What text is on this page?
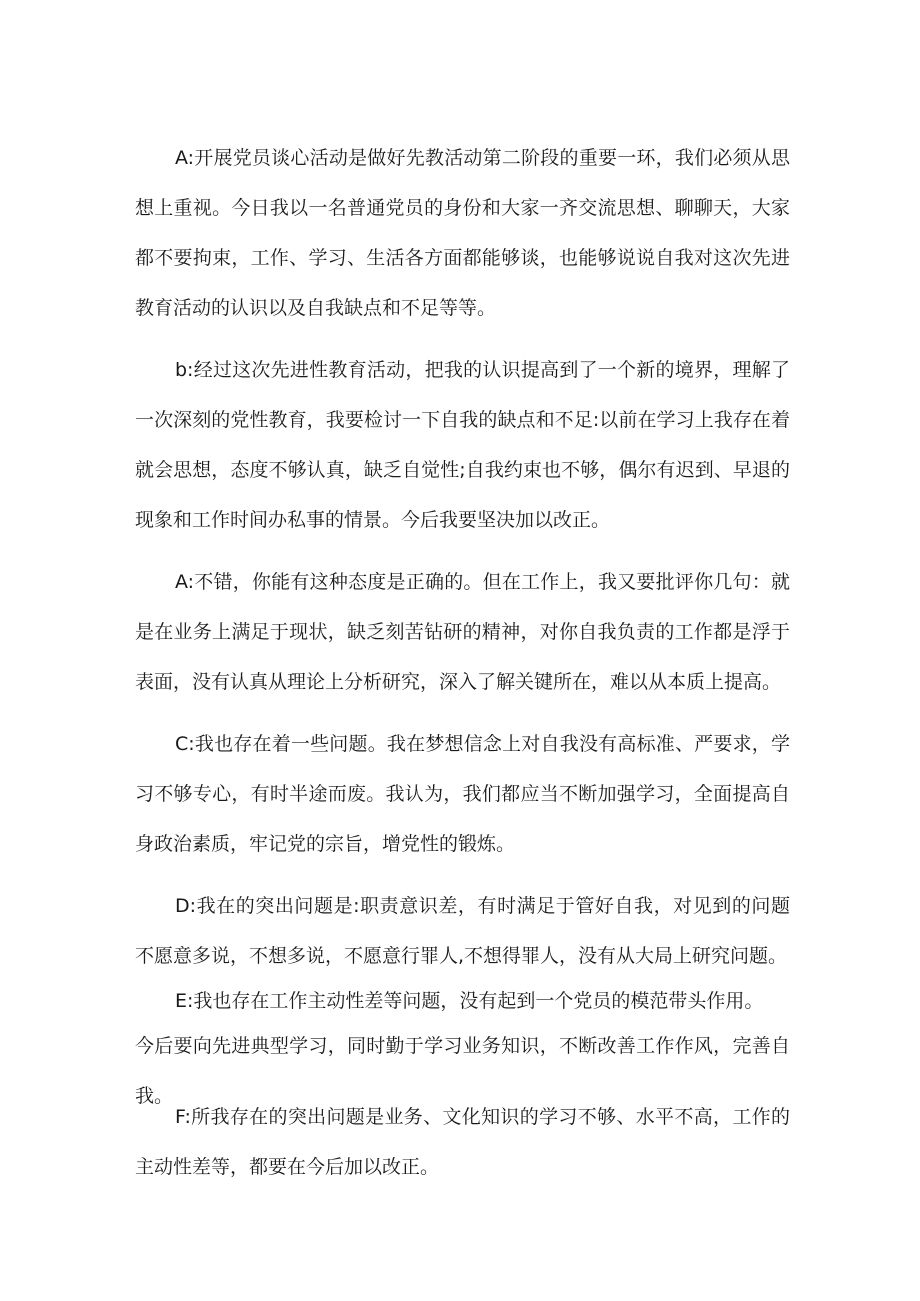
A:开展党员谈心活动是做好先教活动第二阶段的重要一环，我们必须从思想上重视。今日我以一名普通党员的身份和大家一齐交流思想、聊聊天，大家都不要拘束，工作、学习、生活各方面都能够谈，也能够说说自我对这次先进教育活动的认识以及自我缺点和不足等等。

b:经过这次先进性教育活动，把我的认识提高到了一个新的境界，理解了一次深刻的党性教育，我要检讨一下自我的缺点和不足:以前在学习上我存在着就会思想，态度不够认真，缺乏自觉性;自我约束也不够，偶尔有迟到、早退的现象和工作时间办私事的情景。今后我要坚决加以改正。

A:不错，你能有这种态度是正确的。但在工作上，我又要批评你几句：就是在业务上满足于现状，缺乏刻苦钻研的精神，对你自我负责的工作都是浮于表面，没有认真从理论上分析研究，深入了解关键所在，难以从本质上提高。

C:我也存在着一些问题。我在梦想信念上对自我没有高标准、严要求，学习不够专心，有时半途而废。我认为，我们都应当不断加强学习，全面提高自身政治素质，牢记党的宗旨，增党性的锻炼。

D:我在的突出问题是:职责意识差，有时满足于管好自我，对见到的问题不愿意多说，不想多说，不愿意行罪人,不想得罪人，没有从大局上研究问题。

E:我也存在工作主动性差等问题，没有起到一个党员的模范带头作用。

今后要向先进典型学习，同时勤于学习业务知识，不断改善工作作风，完善自我。

F:所我存在的突出问题是业务、文化知识的学习不够、水平不高，工作的主动性差等，都要在今后加以改正。
